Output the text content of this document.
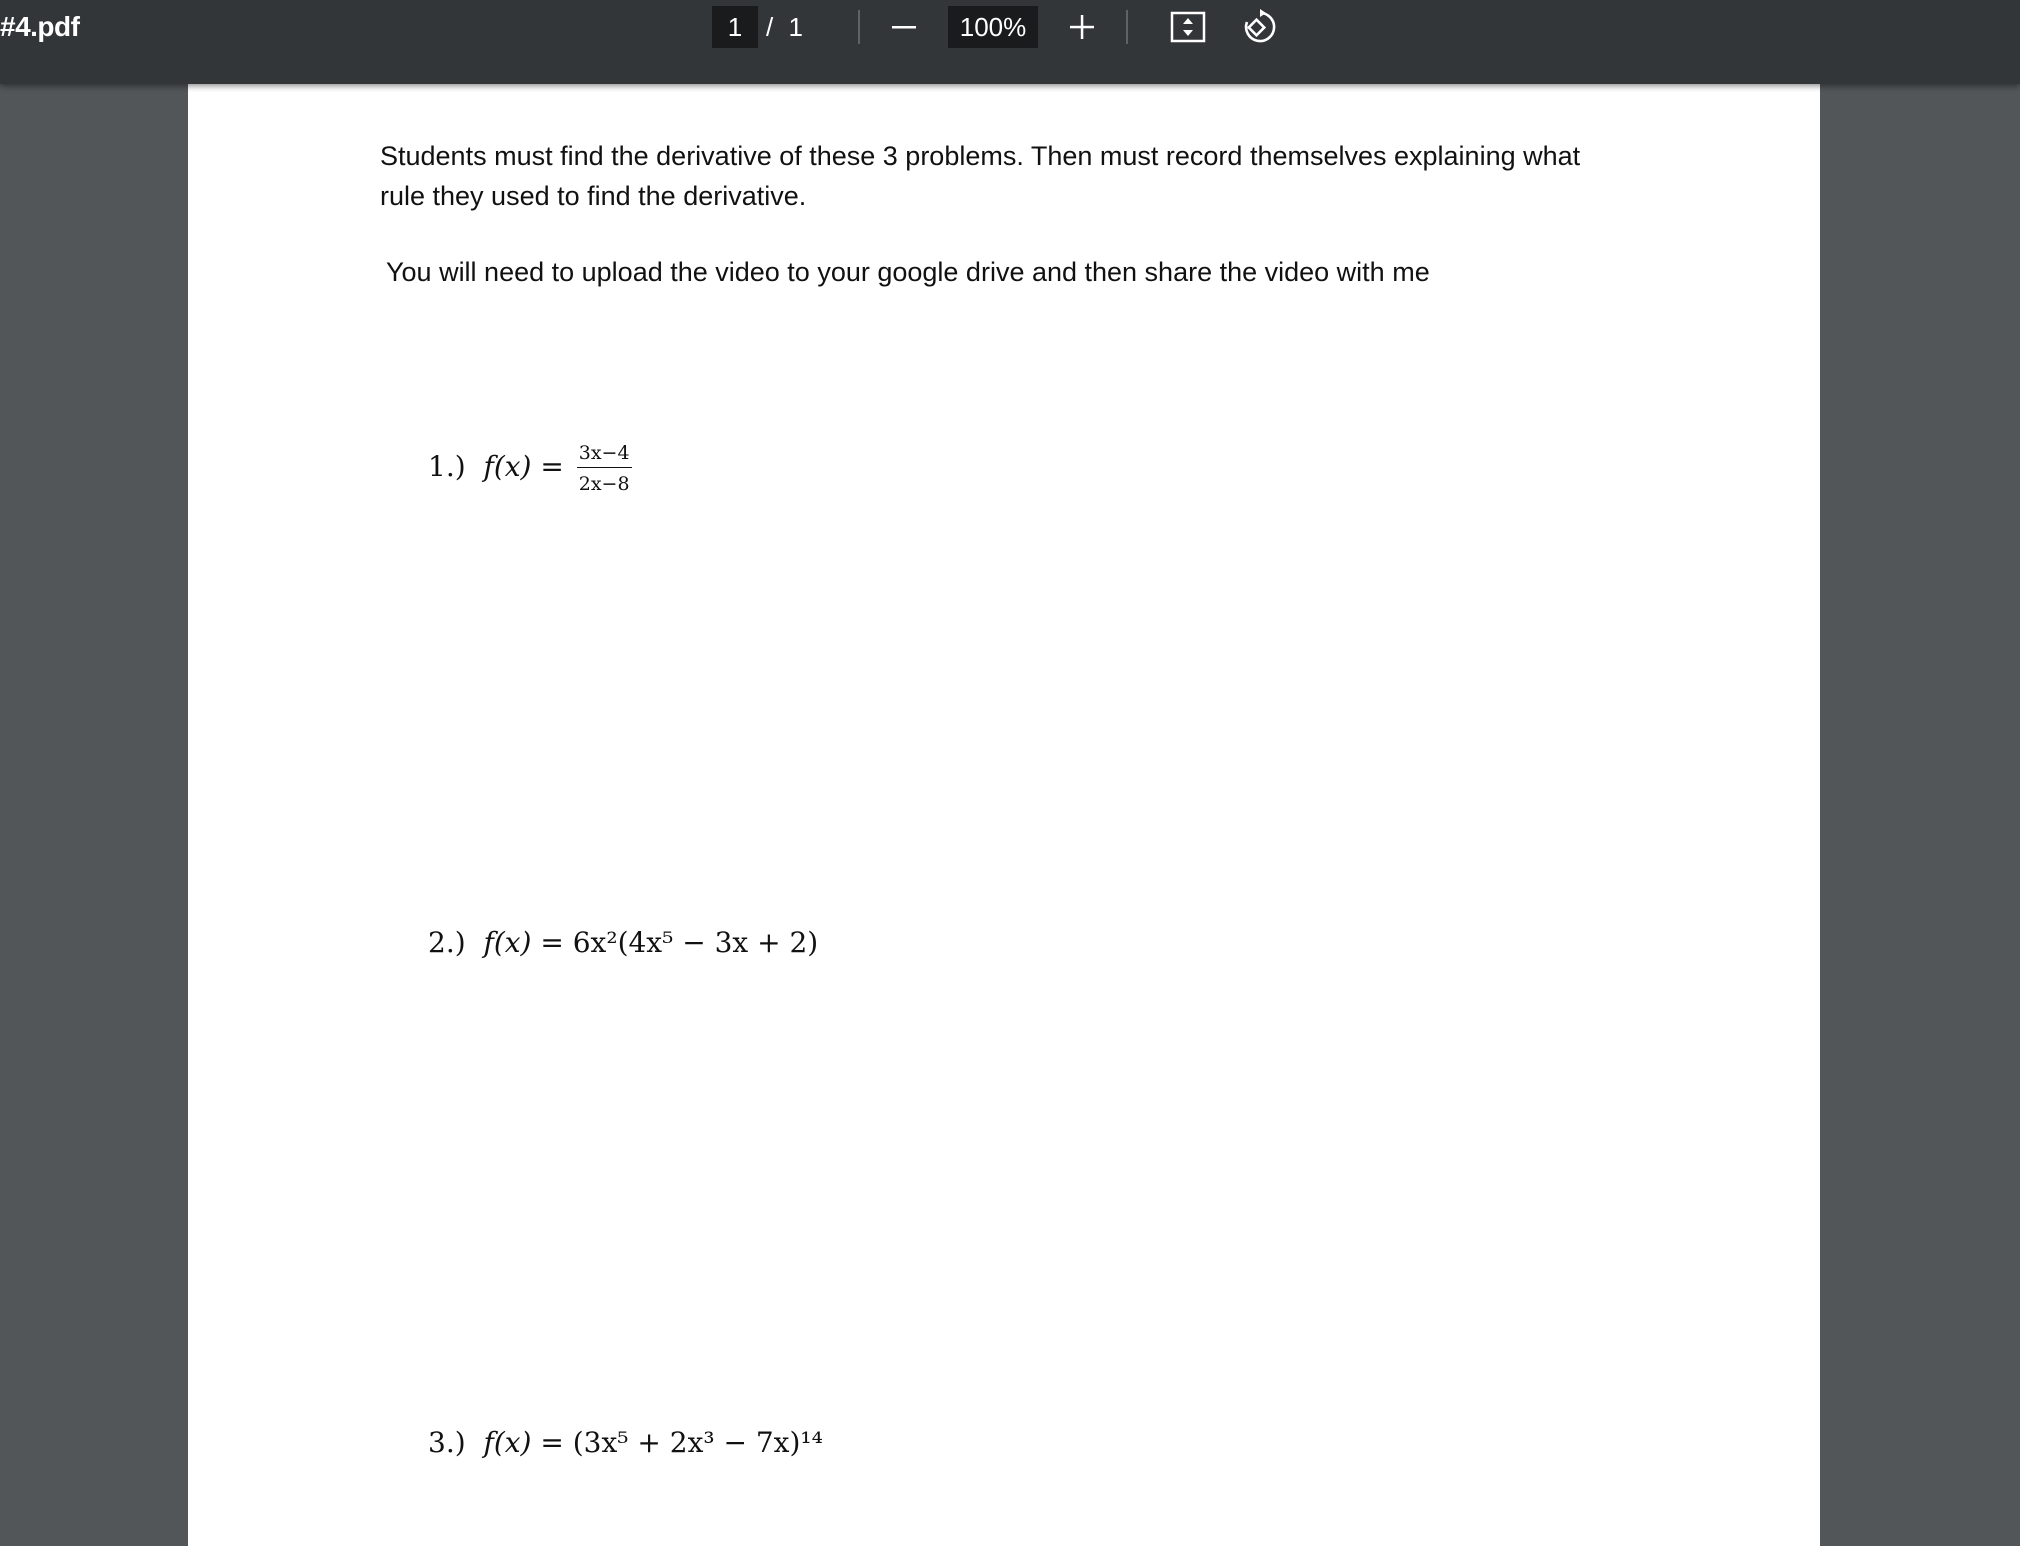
#4.pdf	1 / 1	100%
Students must find the derivative of these 3 problems. Then must record themselves explaining what rule they used to find the derivative.
You will need to upload the video to your google drive and then share the video with me
1.) $f(x) = \frac{3x-4}{2x-8}$
2.) f(x) = 6x²(4x⁵ − 3x + 2)
3.) f(x) = (3x⁵ + 2x³ − 7x)¹⁴
